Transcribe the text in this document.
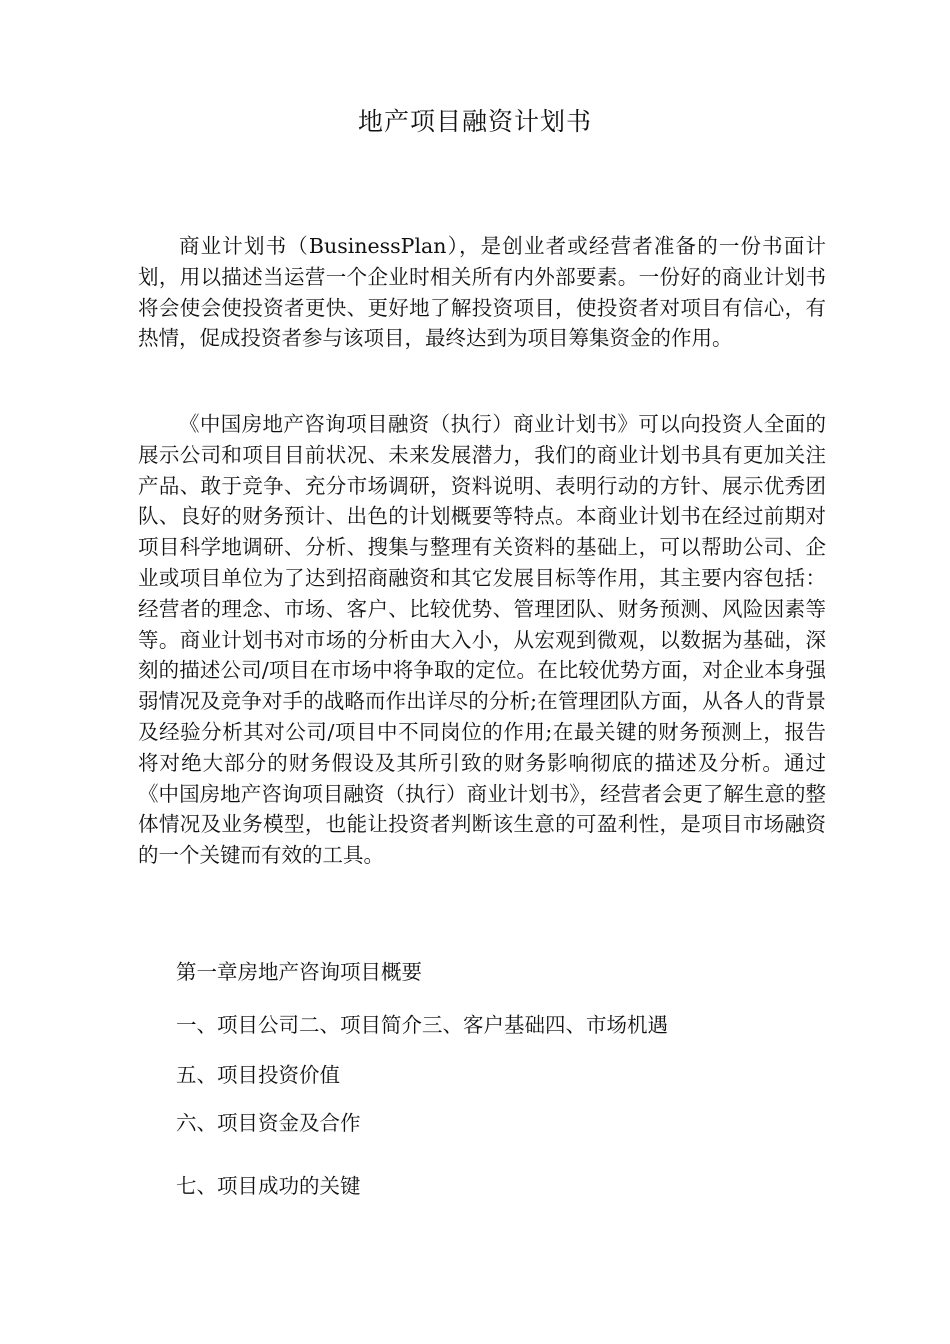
地产项目融资计划书

商业计划书（BusinessPlan），是创业者或经营者准备的一份书面计划，用以描述当运营一个企业时相关所有内外部要素。一份好的商业计划书将会使会使投资者更快、更好地了解投资项目，使投资者对项目有信心，有热情，促成投资者参与该项目，最终达到为项目筹集资金的作用。

《中国房地产咨询项目融资（执行）商业计划书》可以向投资人全面的展示公司和项目目前状况、未来发展潜力，我们的商业计划书具有更加关注产品、敢于竞争、充分市场调研，资料说明、表明行动的方针、展示优秀团队、良好的财务预计、出色的计划概要等特点。本商业计划书在经过前期对项目科学地调研、分析、搜集与整理有关资料的基础上，可以帮助公司、企业或项目单位为了达到招商融资和其它发展目标等作用，其主要内容包括：经营者的理念、市场、客户、比较优势、管理团队、财务预测、风险因素等等。商业计划书对市场的分析由大入小，从宏观到微观，以数据为基础，深刻的描述公司/项目在市场中将争取的定位。在比较优势方面，对企业本身强弱情况及竞争对手的战略而作出详尽的分析;在管理团队方面，从各人的背景及经验分析其对公司/项目中不同岗位的作用;在最关键的财务预测上，报告将对绝大部分的财务假设及其所引致的财务影响彻底的描述及分析。通过《中国房地产咨询项目融资（执行）商业计划书》，经营者会更了解生意的整体情况及业务模型，也能让投资者判断该生意的可盈利性，是项目市场融资的一个关键而有效的工具。

第一章房地产咨询项目概要
一、项目公司二、项目简介三、客户基础四、市场机遇
五、项目投资价值
六、项目资金及合作
七、项目成功的关键
